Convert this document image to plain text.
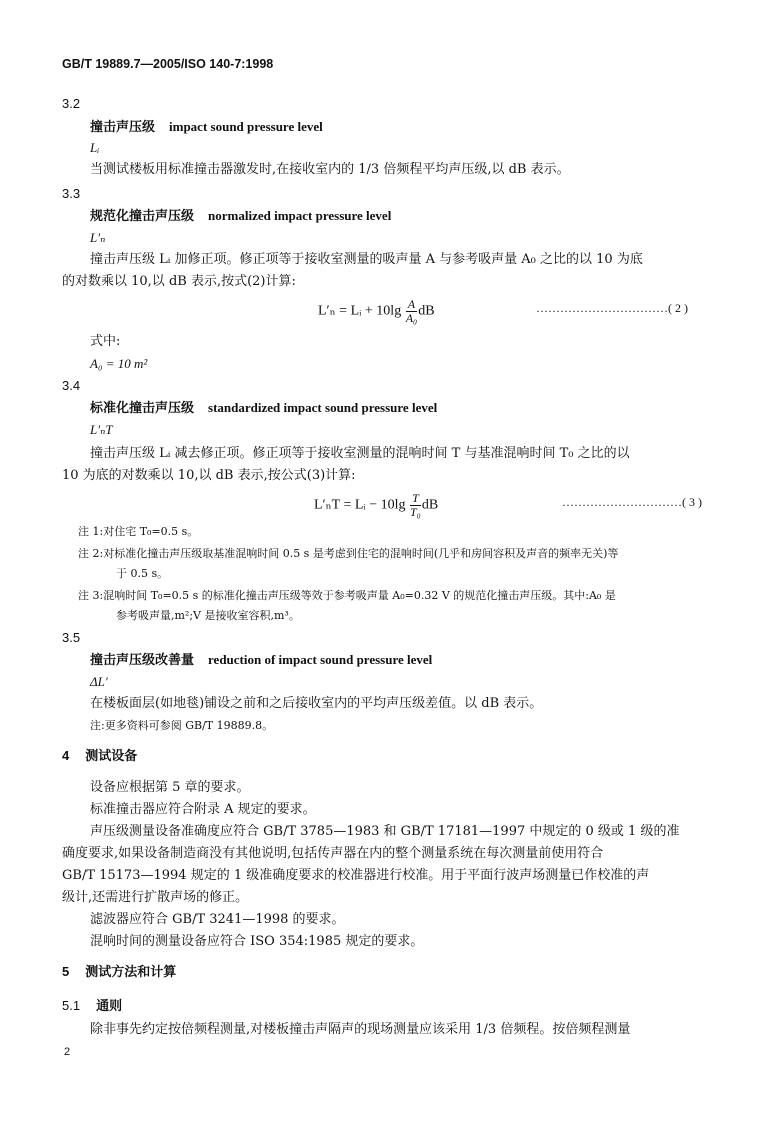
GB/T 19889.7—2005/ISO 140-7:1998
3.2
撞击声压级 impact sound pressure level
Lᵢ
当测试楼板用标准撞击器激发时,在接收室内的 1/3 倍频程平均声压级,以 dB 表示。
3.3
规范化撞击声压级 normalized impact pressure level
L′ₙ
撞击声压级 Lᵢ 加修正项。修正项等于接收室测量的吸声量 A 与参考吸声量 A₀ 之比的以 10 为底
的对数乘以 10,以 dB 表示,按式(2)计算:
L′ₙ = Lᵢ + $10\lg \frac{A}{\text{A₀}}$ dB	……………………………( 2 )
式中:
A₀ = 10 m²
3.4
标准化撞击声压级 standardized impact sound pressure level
L′ₙT
撞击声压级 Lᵢ 减去修正项。修正项等于接收室测量的混响时间 T 与基准混响时间 T₀ 之比的以
10 为底的对数乘以 10,以 dB 表示,按公式(3)计算:
L′ₙT = Lᵢ − $10\lg \frac{T}{\text{T₀}}$ dB	…………………………( 3 )
注 1:对住宅 T₀=0.5 s。
注 2:对标准化撞击声压级取基准混响时间 0.5 s 是考虑到住宅的混响时间(几乎和房间容积及声音的频率无关)等
于 0.5 s。
注 3:混响时间 T₀=0.5 s 的标准化撞击声压级等效于参考吸声量 A₀=0.32 V 的规范化撞击声压级。其中:A₀ 是
参考吸声量,m²;V 是接收室容积,m³。
3.5
撞击声压级改善量 reduction of impact sound pressure level
ΔL′
在楼板面层(如地毯)铺设之前和之后接收室内的平均声压级差值。以 dB 表示。
注:更多资料可参阅 GB/T 19889.8。
4 测试设备
设备应根据第 5 章的要求。
标准撞击器应符合附录 A 规定的要求。
声压级测量设备准确度应符合 GB/T 3785—1983 和 GB/T 17181—1997 中规定的 0 级或 1 级的准
确度要求,如果设备制造商没有其他说明,包括传声器在内的整个测量系统在每次测量前使用符合
GB/T 15173—1994 规定的 1 级准确度要求的校准器进行校准。用于平面行波声场测量已作校准的声
级计,还需进行扩散声场的修正。
滤波器应符合 GB/T 3241—1998 的要求。
混响时间的测量设备应符合 ISO 354:1985 规定的要求。
5 测试方法和计算
5.1 通则
除非事先约定按倍频程测量,对楼板撞击声隔声的现场测量应该采用 1/3 倍频程。按倍频程测量
2
